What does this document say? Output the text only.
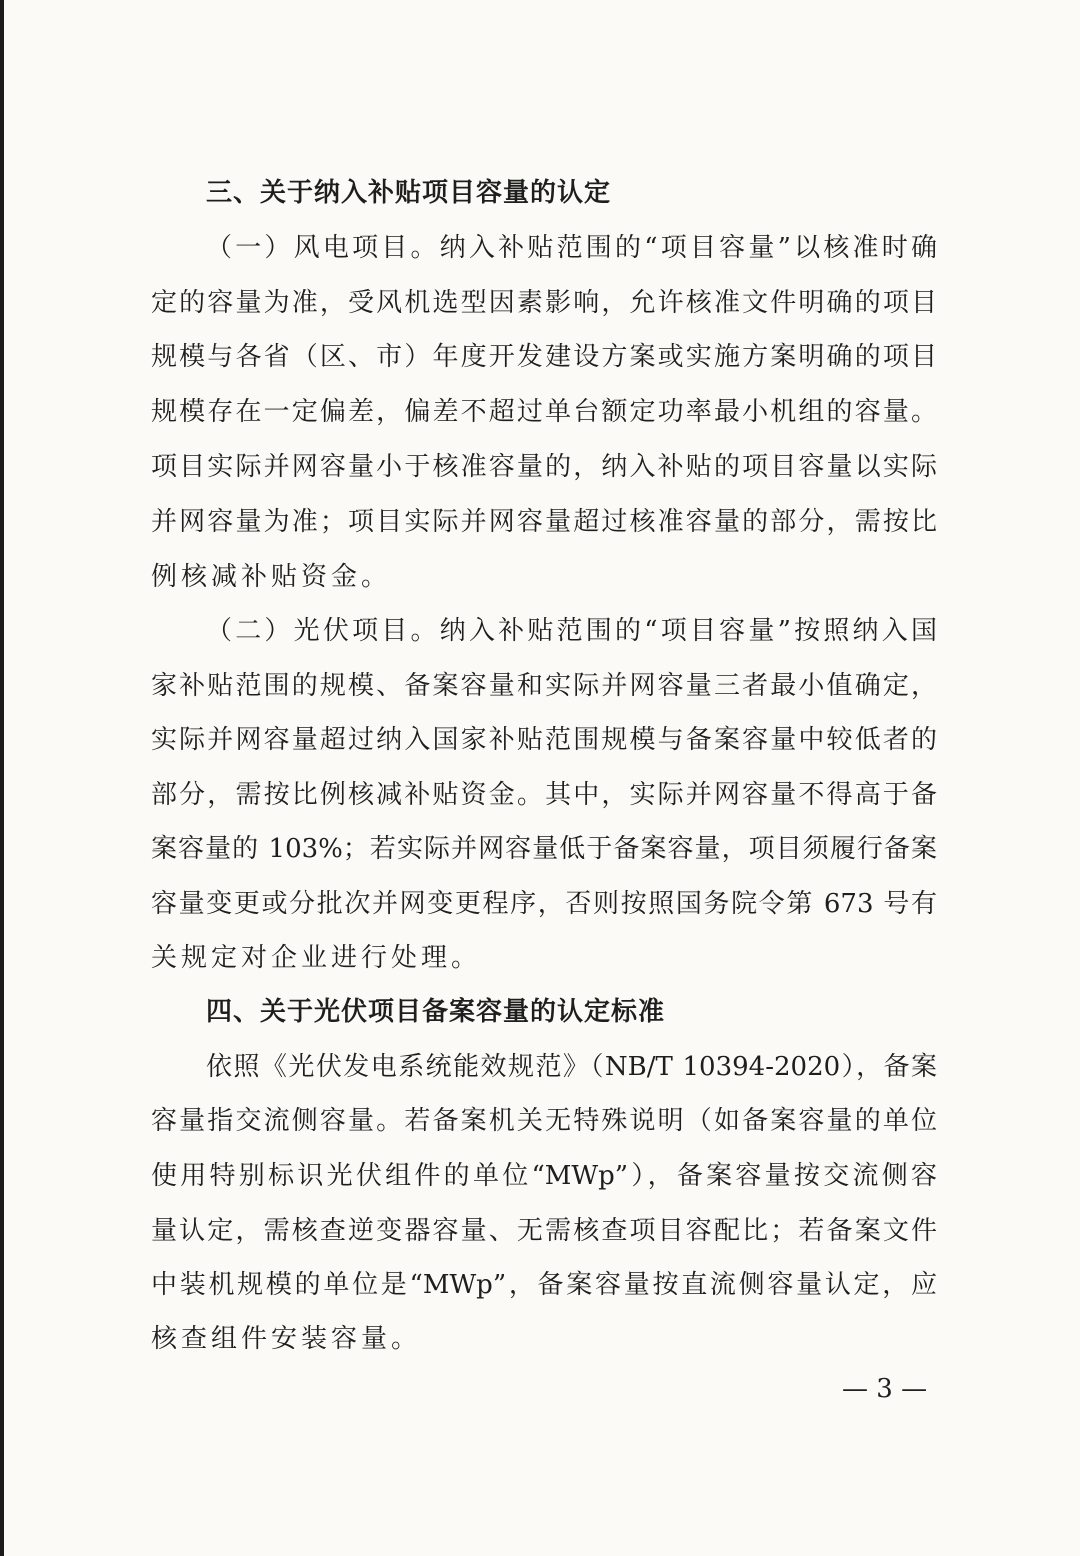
三、关于纳入补贴项目容量的认定
（一）风电项目。纳入补贴范围的“项目容量”以核准时确
定的容量为准，受风机选型因素影响，允许核准文件明确的项目
规模与各省（区、市）年度开发建设方案或实施方案明确的项目
规模存在一定偏差，偏差不超过单台额定功率最小机组的容量。
项目实际并网容量小于核准容量的，纳入补贴的项目容量以实际
并网容量为准；项目实际并网容量超过核准容量的部分，需按比
例核减补贴资金。
（二）光伏项目。纳入补贴范围的“项目容量”按照纳入国
家补贴范围的规模、备案容量和实际并网容量三者最小值确定，
实际并网容量超过纳入国家补贴范围规模与备案容量中较低者的
部分，需按比例核减补贴资金。其中，实际并网容量不得高于备
案容量的 103%；若实际并网容量低于备案容量，项目须履行备案
容量变更或分批次并网变更程序，否则按照国务院令第 673 号有
关规定对企业进行处理。
四、关于光伏项目备案容量的认定标准
依照《光伏发电系统能效规范》（NB/T 10394-2020），备案
容量指交流侧容量。若备案机关无特殊说明（如备案容量的单位
使用特别标识光伏组件的单位“MWp”），备案容量按交流侧容
量认定，需核查逆变器容量、无需核查项目容配比；若备案文件
中装机规模的单位是“MWp”，备案容量按直流侧容量认定，应
核查组件安装容量。
— 3 —
